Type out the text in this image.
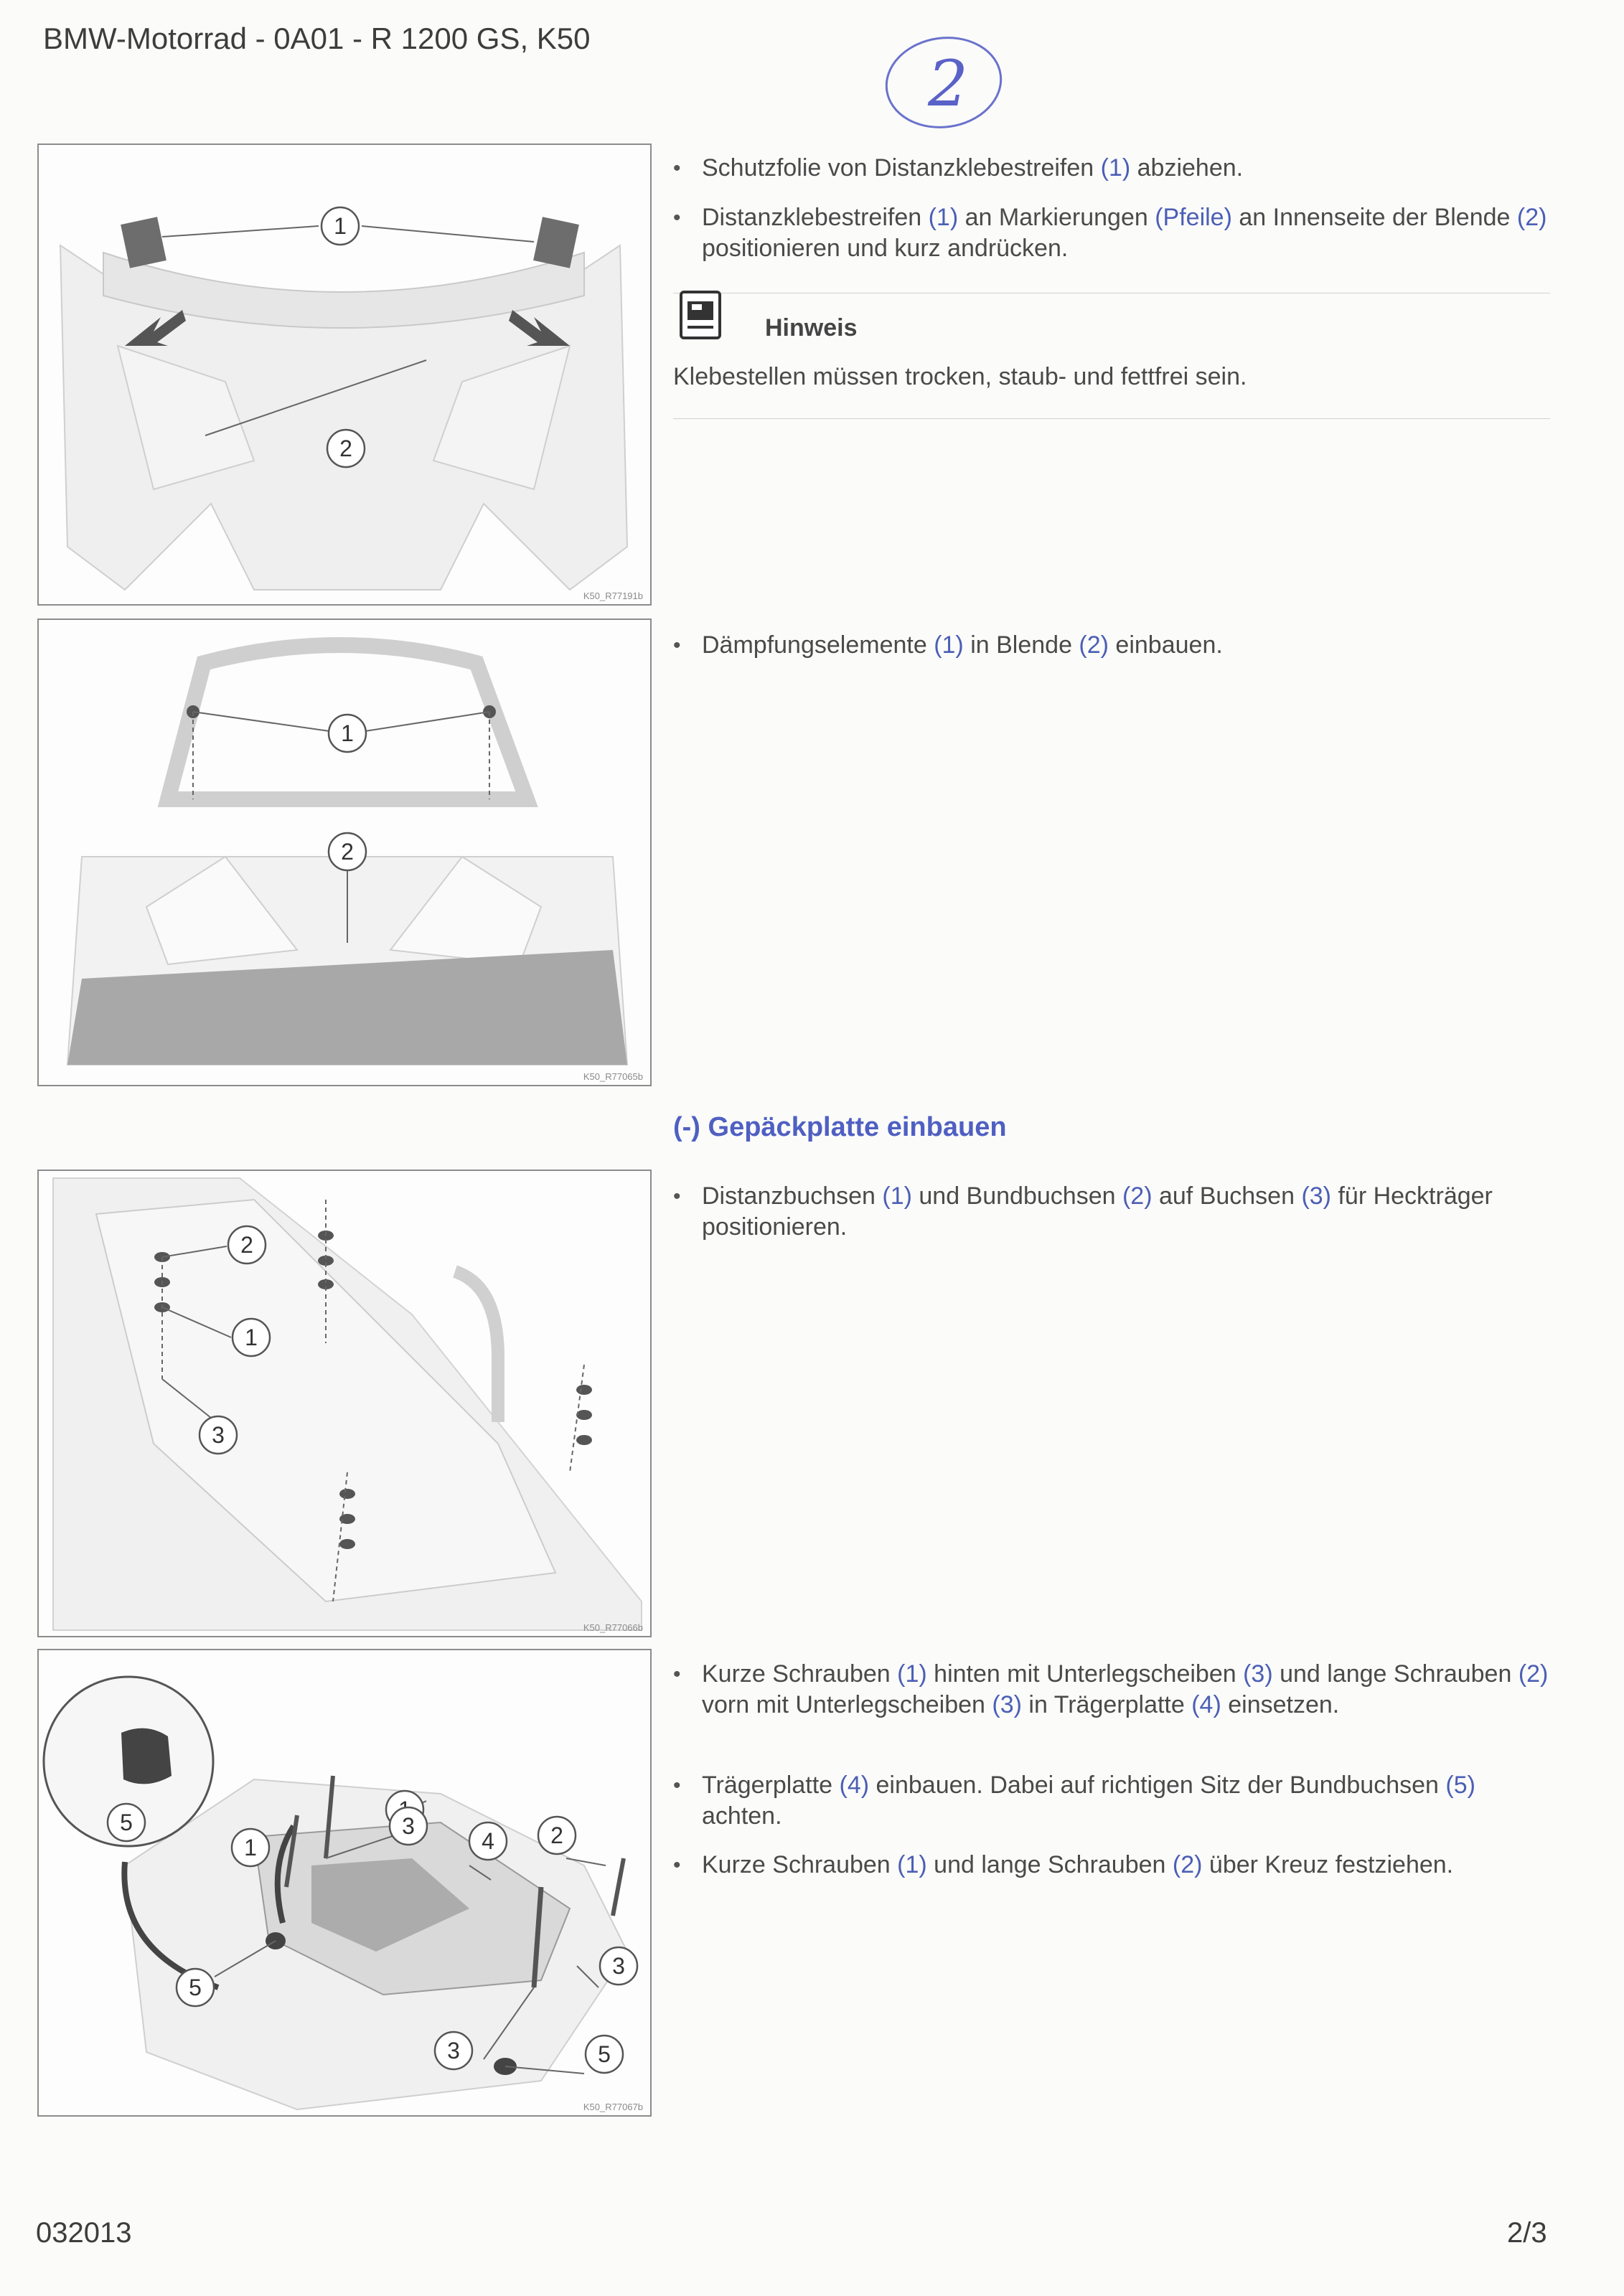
BMW-Motorrad - 0A01 - R 1200 GS, K50
2
1
2
K50_R77191b
1
2
K50_R77065b
2
1
3
K50_R77066b
5
1
3
4 2
3
5
3	5
K50_R77067b
• Schutzfolie von Distanzklebestreifen (1) abziehen.
• Distanzklebestreifen (1) an Markierungen (Pfeile) an Innenseite der Blende (2) positionieren und kurz andrücken.
Hinweis
Klebestellen müssen trocken, staub- und fettfrei sein.
• Dämpfungselemente (1) in Blende (2) einbauen.
(-) Gepäckplatte einbauen
• Distanzbuchsen (1) und Bundbuchsen (2) auf Buchsen (3) für Heckträger positionieren.
• Kurze Schrauben (1) hinten mit Unterlegscheiben (3) und lange Schrauben (2) vorn mit Unterlegscheiben (3) in Trägerplatte (4) einsetzen.
• Trägerplatte (4) einbauen. Dabei auf richtigen Sitz der Bundbuchsen (5) achten.
• Kurze Schrauben (1) und lange Schrauben (2) über Kreuz festziehen.
032013	2/3
